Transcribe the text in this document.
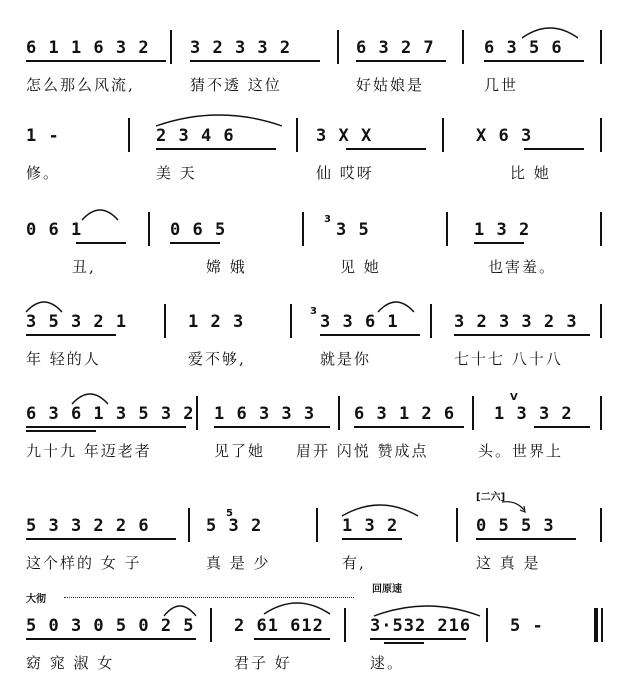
6 1 1 6 3 2 3 2 3 3 2	6 3 2 7	6 3 5 6
怎么那么风流,	猜不透 这位	好姑娘是	几世
1 -	2 3 4 6	3 X X	X 6 3
修。	美 天	仙 哎呀	比 她
0 6 1	0 6 5	3 5	1 3 2
3
丑,	嫦 娥	见 她	也害羞。
3 5 3 2 1	1 2 3	3 3 6 1	3 2 3 3 2 3
3
年 轻的人	爱不够,	就是你	七十七 八十八
6 3 6 1 3 5 3 2 1 6 3 3 3 6 3 1 2 6 1 3 3 2
V
九十九 年迈老者	见了她 眉开 闪悦 赞成点	头。世界上
[二六]
5 3 3 2 2 6	5 3 2	1 3 2	0 5 5 3
5
这个样的 女 子	真 是 少	有,	这 真 是
大彻
回原速
5 0 3 0 5 0 2 5 2 61 612	3·532 216 5 -
窈 窕 淑 女	君子 好	逑。
